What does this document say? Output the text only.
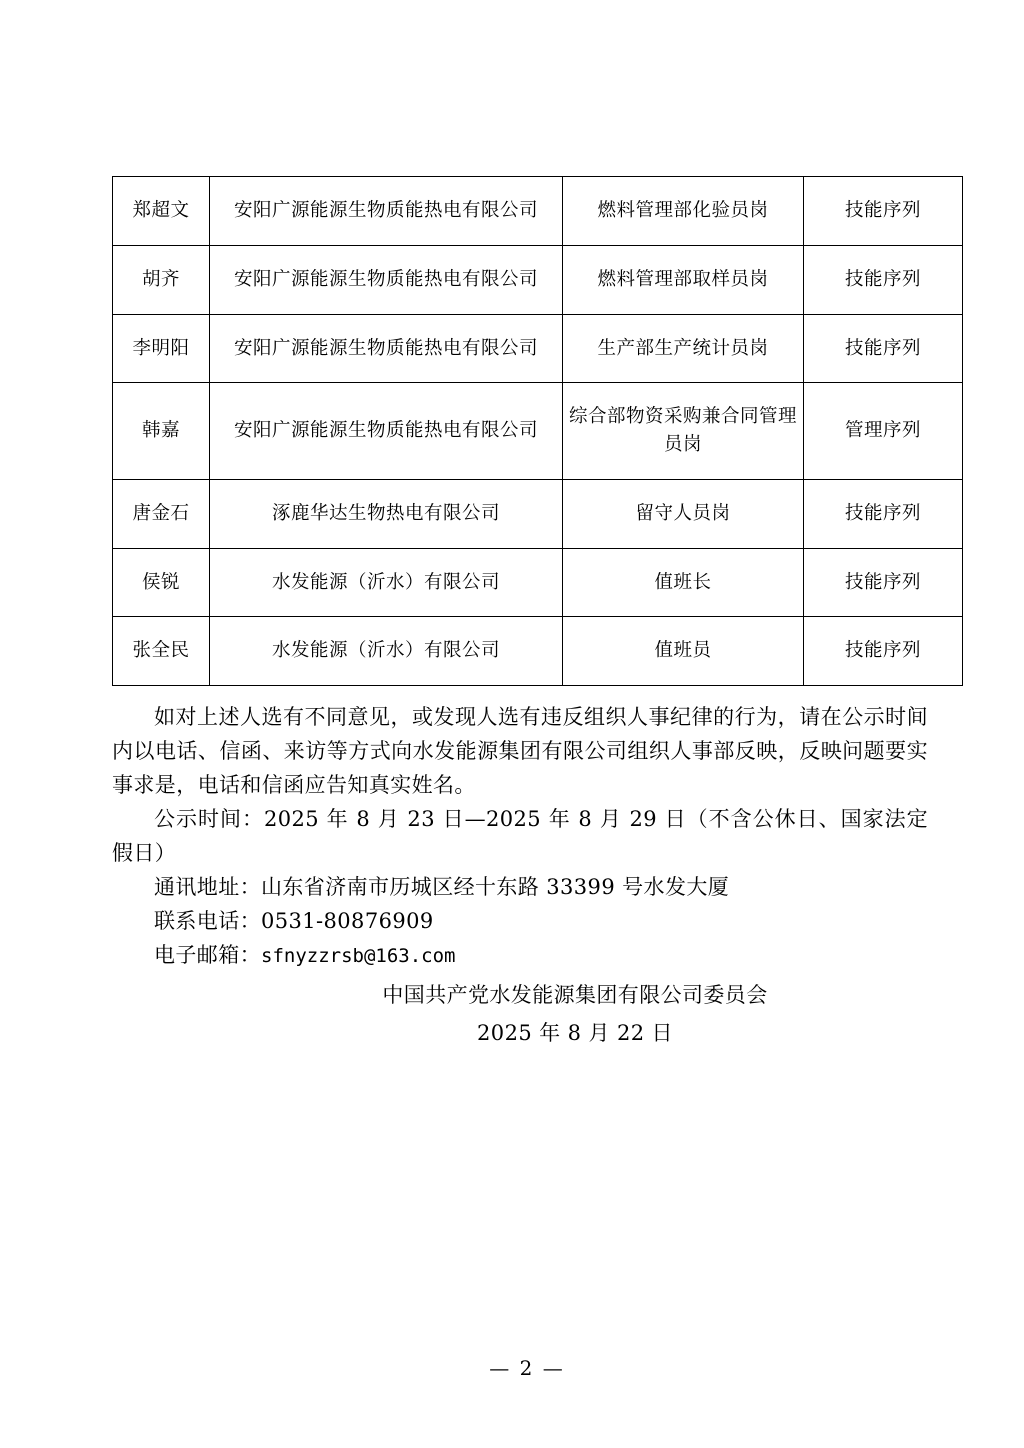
郑超文	安阳广源能源生物质能热电有限公司	燃料管理部化验员岗	技能序列
胡齐	安阳广源能源生物质能热电有限公司	燃料管理部取样员岗	技能序列
李明阳	安阳广源能源生物质能热电有限公司	生产部生产统计员岗	技能序列
韩嘉	安阳广源能源生物质能热电有限公司	综合部物资采购兼合同管理员岗	管理序列
唐金石	涿鹿华达生物热电有限公司	留守人员岗	技能序列
侯锐	水发能源（沂水）有限公司	值班长	技能序列
张全民	水发能源（沂水）有限公司	值班员	技能序列

如对上述人选有不同意见，或发现人选有违反组织人事纪律的行为，请在公示时间内以电话、信函、来访等方式向水发能源集团有限公司组织人事部反映，反映问题要实事求是，电话和信函应告知真实姓名。

公示时间：2025 年 8 月 23 日—2025 年 8 月 29 日（不含公休日、国家法定假日）

通讯地址：山东省济南市历城区经十东路 33399 号水发大厦

联系电话：0531-80876909

电子邮箱：sfnyzzrsb@163.com

中国共产党水发能源集团有限公司委员会
2025 年 8 月 22 日
— 2 —
